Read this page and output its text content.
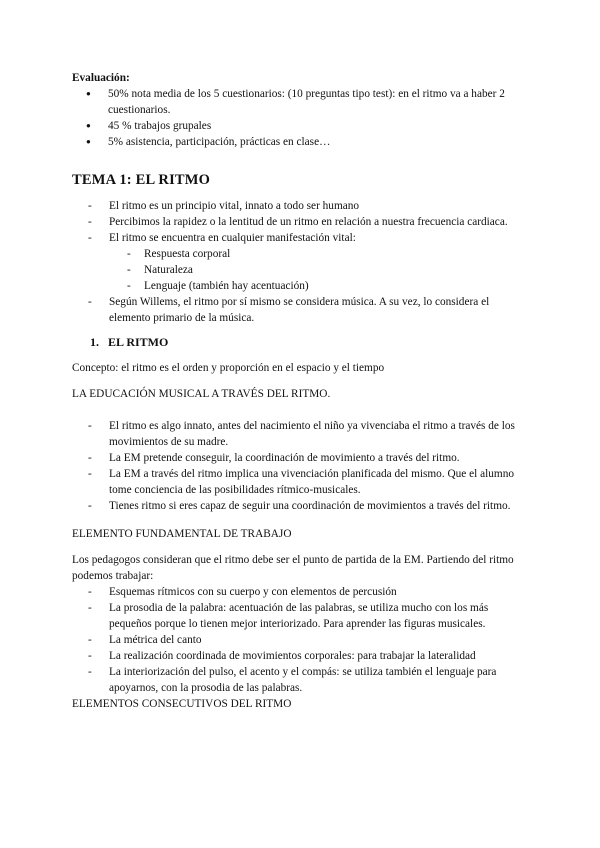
Evaluación:

● 50% nota media de los 5 cuestionarios: (10 preguntas tipo test): en el ritmo va a haber 2 cuestionarios.
● 45 % trabajos grupales
● 5% asistencia, participación, prácticas en clase…
TEMA 1: EL RITMO
- El ritmo es un principio vital, innato a todo ser humano
- Percibimos la rapidez o la lentitud de un ritmo en relación a nuestra frecuencia cardiaca.
- El ritmo se encuentra en cualquier manifestación vital:
- Respuesta corporal
- Naturaleza
- Lenguaje (también hay acentuación)
- Según Willems, el ritmo por sí mismo se considera música. A su vez, lo considera el elemento primario de la música.
1. EL RITMO

Concepto: el ritmo es el orden y proporción en el espacio y el tiempo

LA EDUCACIÓN MUSICAL A TRAVÉS DEL RITMO.

- El ritmo es algo innato, antes del nacimiento el niño ya vivenciaba el ritmo a través de los movimientos de su madre.
- La EM pretende conseguir, la coordinación de movimiento a través del ritmo.
- La EM a través del ritmo implica una vivenciación planificada del mismo. Que el alumno tome conciencia de las posibilidades rítmico-musicales.
- Tienes ritmo si eres capaz de seguir una coordinación de movimientos a través del ritmo.

ELEMENTO FUNDAMENTAL DE TRABAJO

Los pedagogos consideran que el ritmo debe ser el punto de partida de la EM. Partiendo del ritmo podemos trabajar:

- Esquemas rítmicos con su cuerpo y con elementos de percusión
- La prosodia de la palabra: acentuación de las palabras, se utiliza mucho con los más pequeños porque lo tienen mejor interiorizado. Para aprender las figuras musicales.
- La métrica del canto
- La realización coordinada de movimientos corporales: para trabajar la lateralidad
- La interiorización del pulso, el acento y el compás: se utiliza también el lenguaje para apoyarnos, con la prosodia de las palabras.

ELEMENTOS CONSECUTIVOS DEL RITMO
